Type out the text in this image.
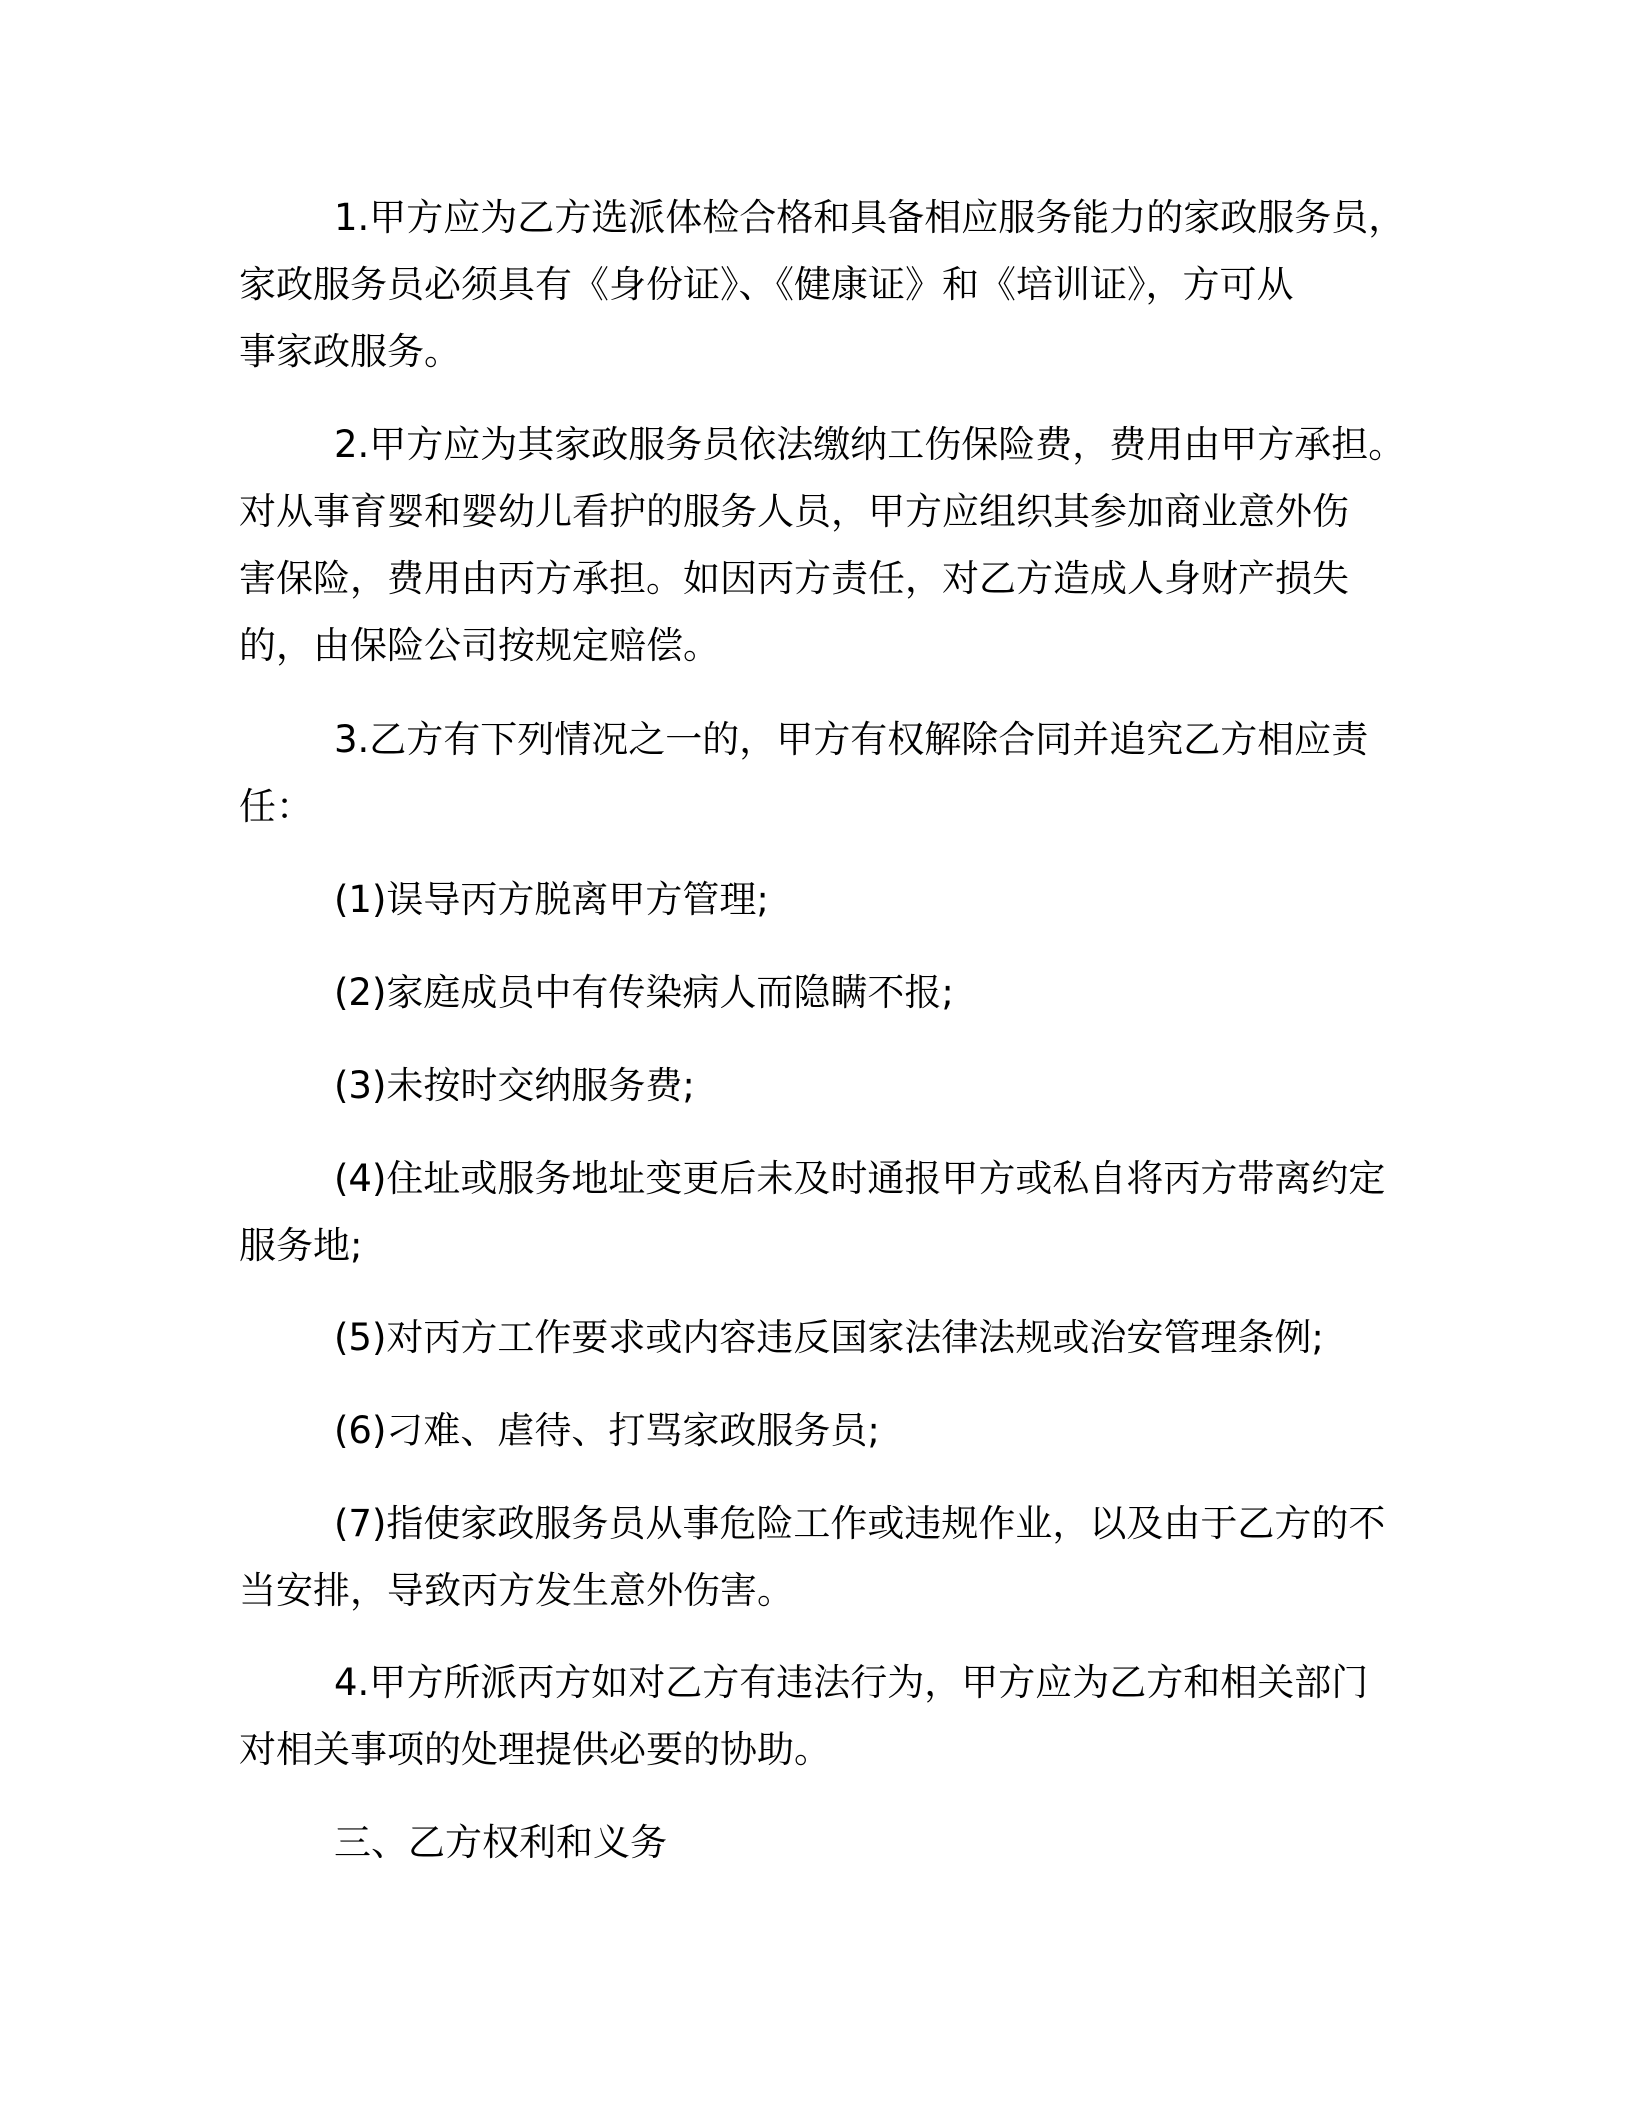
1.甲方应为乙方选派体检合格和具备相应服务能力的家政服务员，
家政服务员必须具有《身份证》、《健康证》和《培训证》，方可从
事家政服务。
2.甲方应为其家政服务员依法缴纳工伤保险费，费用由甲方承担。
对从事育婴和婴幼儿看护的服务人员，甲方应组织其参加商业意外伤
害保险，费用由丙方承担。如因丙方责任，对乙方造成人身财产损失
的，由保险公司按规定赔偿。
3.乙方有下列情况之一的，甲方有权解除合同并追究乙方相应责
任：
(1)误导丙方脱离甲方管理;
(2)家庭成员中有传染病人而隐瞒不报;
(3)未按时交纳服务费;
(4)住址或服务地址变更后未及时通报甲方或私自将丙方带离约定
服务地;
(5)对丙方工作要求或内容违反国家法律法规或治安管理条例;
(6)刁难、虐待、打骂家政服务员;
(7)指使家政服务员从事危险工作或违规作业，以及由于乙方的不
当安排，导致丙方发生意外伤害。
4.甲方所派丙方如对乙方有违法行为，甲方应为乙方和相关部门
对相关事项的处理提供必要的协助。
三、乙方权利和义务
